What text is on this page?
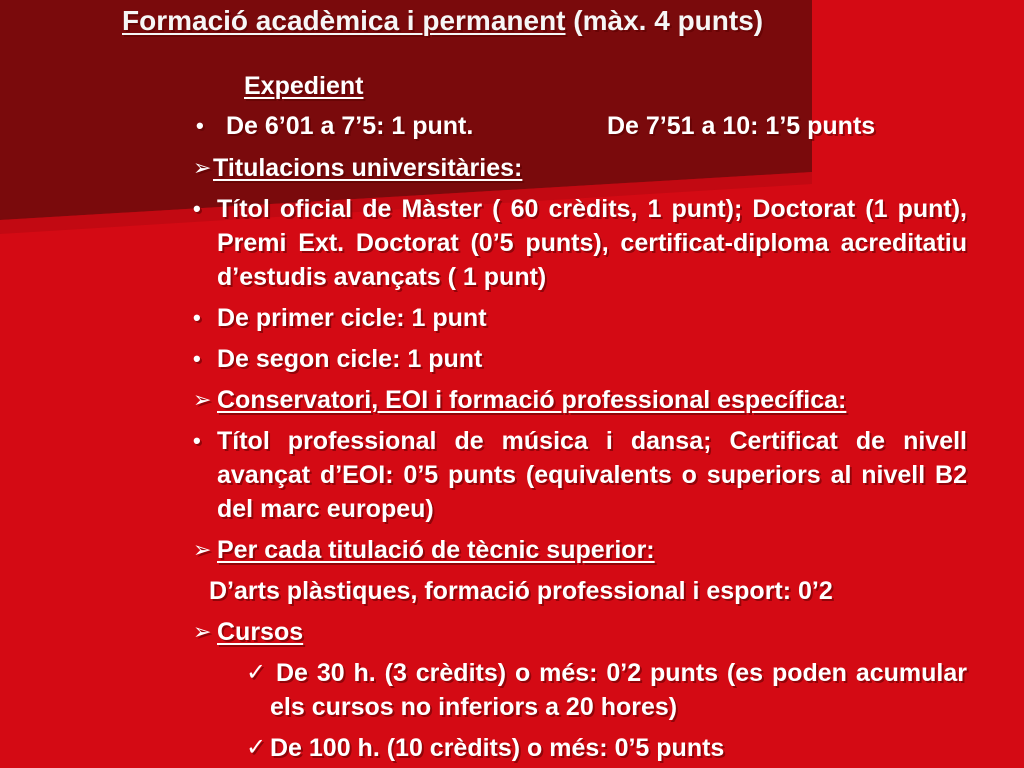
Formació acadèmica i permanent (màx. 4 punts)
Expedient
• De 6’01 a 7’5: 1 punt.	De 7’51 a 10: 1’5 punts
➢ Titulacions universitàries:
• Títol oficial de Màster ( 60 crèdits, 1 punt); Doctorat (1 punt), Premi Ext. Doctorat (0’5 punts), certificat-diploma acreditatiu d’estudis avançats ( 1 punt)
• De primer cicle: 1 punt
• De segon cicle: 1 punt
➢ Conservatori, EOI i formació professional específica:
• Títol professional de música i dansa; Certificat de nivell avançat d’EOI: 0’5 punts (equivalents o superiors al nivell B2 del marc europeu)
➢ Per cada titulació de tècnic superior:
D’arts plàstiques, formació professional i esport: 0’2
➢ Cursos
✓ De 30 h. (3 crèdits) o més: 0’2 punts (es poden acumular els cursos no inferiors a 20 hores)
✓ De 100 h. (10 crèdits) o més: 0’5 punts
